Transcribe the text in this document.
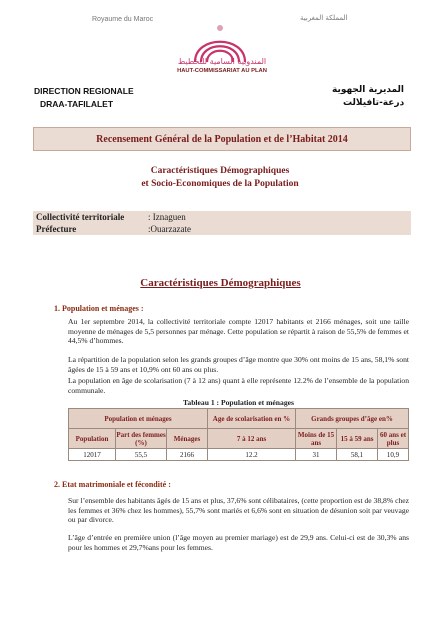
Royaume du Maroc	المملكة المغربية
المندوبية السامية للتخطيط
HAUT-COMMISSARIAT AU PLAN
DIRECTION REGIONALE
DRAA-TAFILALET
المديرية الجهوية
درعة-تافيلالت
Recensement Général de la Population et de l’Habitat 2014
Caractéristiques Démographiques
et Socio-Economiques de la Population
Collectivité territoriale	: Iznaguen
Préfecture	:Ouarzazate
Caractéristiques Démographiques
1. Population et ménages :
Au 1er septembre 2014, la collectivité territoriale compte 12017 habitants et 2166 ménages, soit une taille moyenne de ménages de 5,5 personnes par ménage. Cette population se répartit à raison de 55,5% de femmes et 44,5% d’hommes.
La répartition de la population selon les grands groupes d’âge montre que 30% ont moins de 15 ans, 58,1% sont âgées de 15 à 59 ans et 10,9% ont 60 ans ou plus.
La population en âge de scolarisation (7 à 12 ans) quant à elle représente 12.2% de l’ensemble de la population communale.
Tableau 1 : Population et ménages
Population et ménages			Age de scolarisation en %	Grands groupes d’âge en%		
Population	Part des femmes (%)	Ménages	7 à 12 ans	Moins de 15 ans	15 à 59 ans	60 ans et plus
12017	55,5	2166	12.2	31	58,1	10,9
2. Etat matrimoniale et fécondité :
Sur l’ensemble des habitants âgés de 15 ans et plus, 37,6% sont célibataires, (cette proportion est de 38,8% chez les femmes et 36% chez les hommes), 55,7% sont mariés et 6,6% sont en situation de désunion soit par veuvage ou par divorce.
L’âge d’entrée en première union (l’âge moyen au premier mariage) est de 29,9 ans. Celui-ci est de 30,3% ans pour les hommes et 29,7%ans pour les femmes.
